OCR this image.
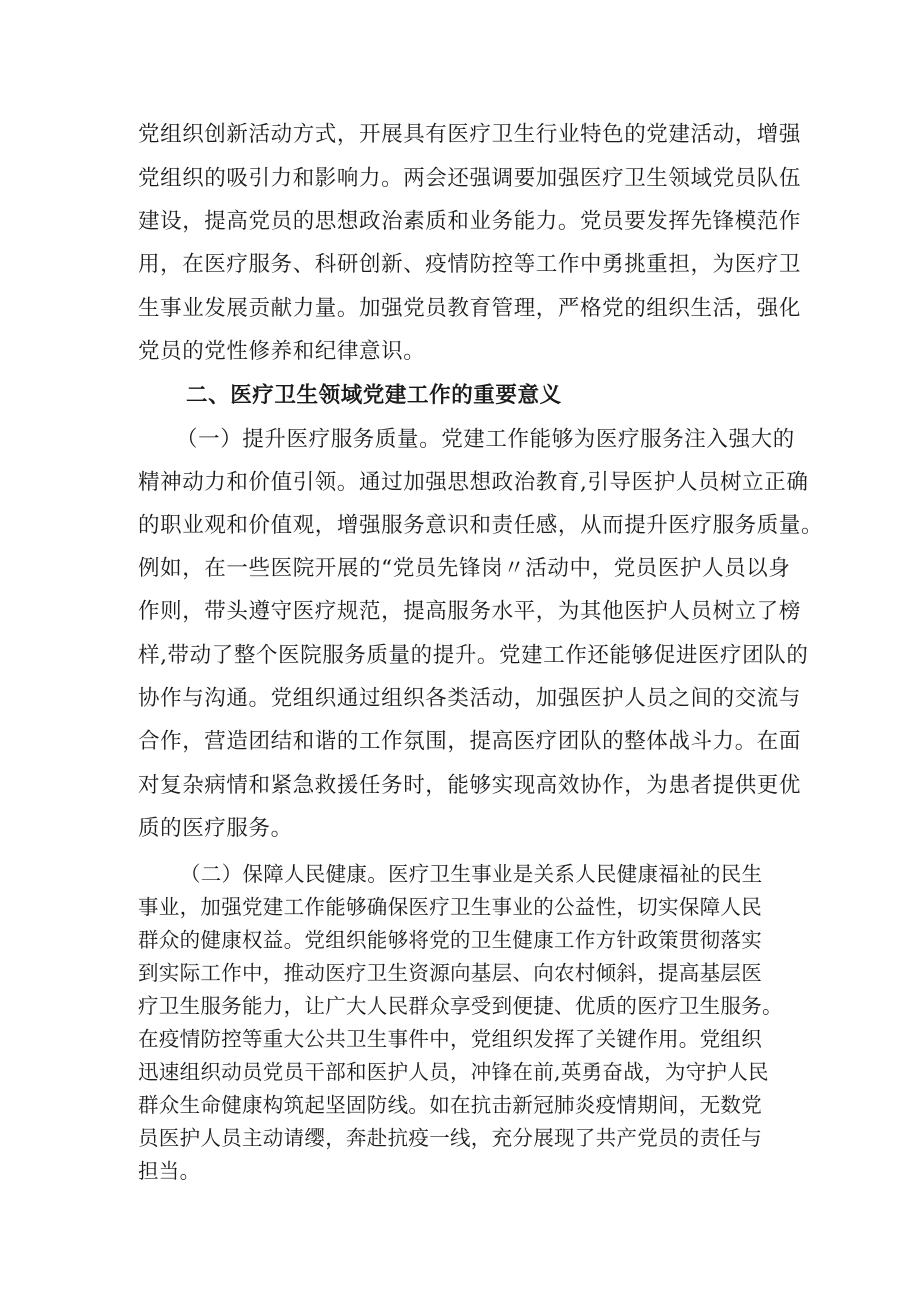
党组织创新活动方式，开展具有医疗卫生行业特色的党建活动，增强
党组织的吸引力和影响力。两会还强调要加强医疗卫生领域党员队伍
建设，提高党员的思想政治素质和业务能力。党员要发挥先锋模范作
用，在医疗服务、科研创新、疫情防控等工作中勇挑重担，为医疗卫
生事业发展贡献力量。加强党员教育管理，严格党的组织生活，强化
党员的党性修养和纪律意识。
二、医疗卫生领域党建工作的重要意义
（一）提升医疗服务质量。党建工作能够为医疗服务注入强大的
精神动力和价值引领。通过加强思想政治教育,引导医护人员树立正确
的职业观和价值观，增强服务意识和责任感，从而提升医疗服务质量。
例如，在一些医院开展的“党员先锋岗〃活动中，党员医护人员以身
作则，带头遵守医疗规范，提高服务水平，为其他医护人员树立了榜
样,带动了整个医院服务质量的提升。党建工作还能够促进医疗团队的
协作与沟通。党组织通过组织各类活动，加强医护人员之间的交流与
合作，营造团结和谐的工作氛围，提高医疗团队的整体战斗力。在面
对复杂病情和紧急救援任务时，能够实现高效协作，为患者提供更优
质的医疗服务。
（二）保障人民健康。医疗卫生事业是关系人民健康福祉的民生
事业，加强党建工作能够确保医疗卫生事业的公益性，切实保障人民
群众的健康权益。党组织能够将党的卫生健康工作方针政策贯彻落实
到实际工作中，推动医疗卫生资源向基层、向农村倾斜，提高基层医
疗卫生服务能力，让广大人民群众享受到便捷、优质的医疗卫生服务。
在疫情防控等重大公共卫生事件中，党组织发挥了关键作用。党组织
迅速组织动员党员干部和医护人员，冲锋在前,英勇奋战，为守护人民
群众生命健康构筑起坚固防线。如在抗击新冠肺炎疫情期间，无数党
员医护人员主动请缨，奔赴抗疫一线，充分展现了共产党员的责任与
担当。
